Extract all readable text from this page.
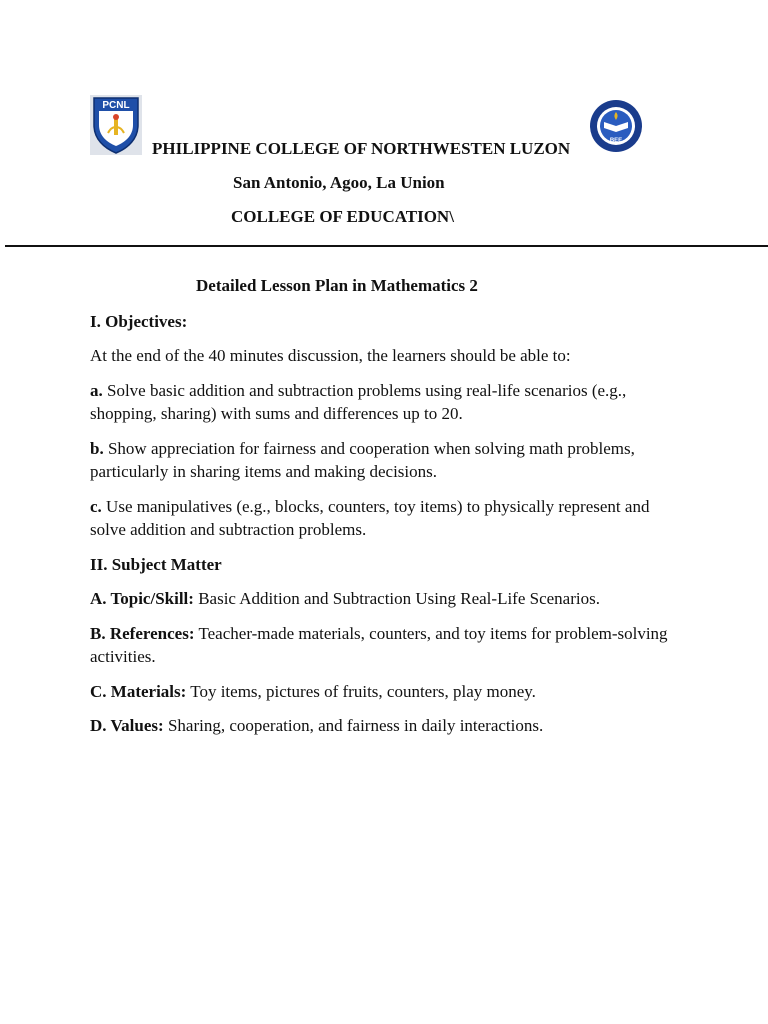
PCNL
BEE
PHILIPPINE COLLEGE OF NORTHWESTEN LUZON
San Antonio, Agoo, La Union
COLLEGE OF EDUCATION\
Detailed Lesson Plan in Mathematics 2
I. Objectives:
At the end of the 40 minutes discussion, the learners should be able to:
a. Solve basic addition and subtraction problems using real-life scenarios (e.g., shopping, sharing) with sums and differences up to 20.
b. Show appreciation for fairness and cooperation when solving math problems, particularly in sharing items and making decisions.
c. Use manipulatives (e.g., blocks, counters, toy items) to physically represent and solve addition and subtraction problems.
II. Subject Matter
A. Topic/Skill: Basic Addition and Subtraction Using Real-Life Scenarios.
B. References: Teacher-made materials, counters, and toy items for problem-solving activities.
C. Materials: Toy items, pictures of fruits, counters, play money.
D. Values: Sharing, cooperation, and fairness in daily interactions.
